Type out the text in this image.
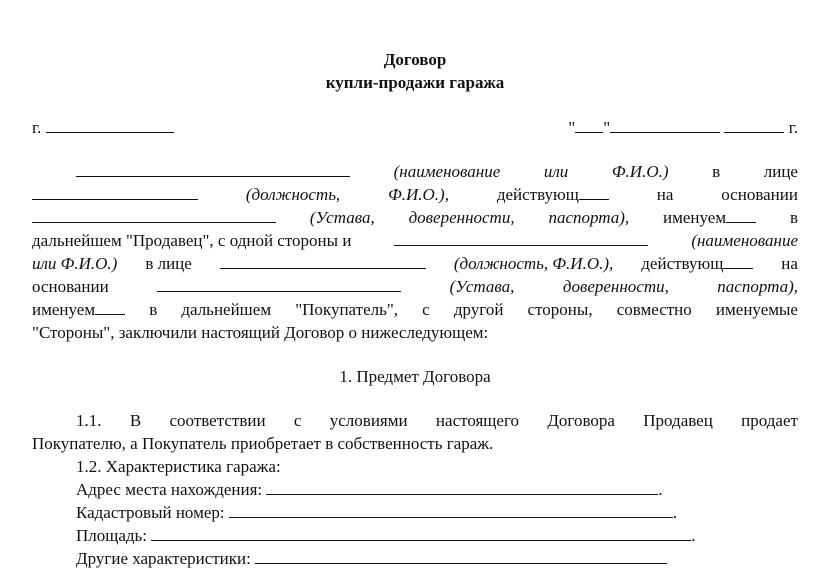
Договор
купли-продажи гаража
г.	" "	г.
(наименование	или	Ф.И.О.)	в	лице
(должность,	Ф.И.О.),	действующ	на	основании
(Устава, доверенности, паспорта), именуем	в
дальнейшем "Продавец", с одной стороны и	(наименование
или Ф.И.О.) в лице	(должность, Ф.И.О.), действующ	на
основании	(Устава,	доверенности,	паспорта),
именуем	в дальнейшем "Покупатель", с другой стороны, совместно именуемые
"Стороны", заключили настоящий Договор о нижеследующем:
1. Предмет Договора
1.1. В соответствии с условиями настоящего Договора Продавец продает
Покупателю, а Покупатель приобретает в собственность гараж.
1.2. Характеристика гаража:
Адрес места нахождения:	.
Кадастровый номер:	.
Площадь:	.
Другие характеристики:
